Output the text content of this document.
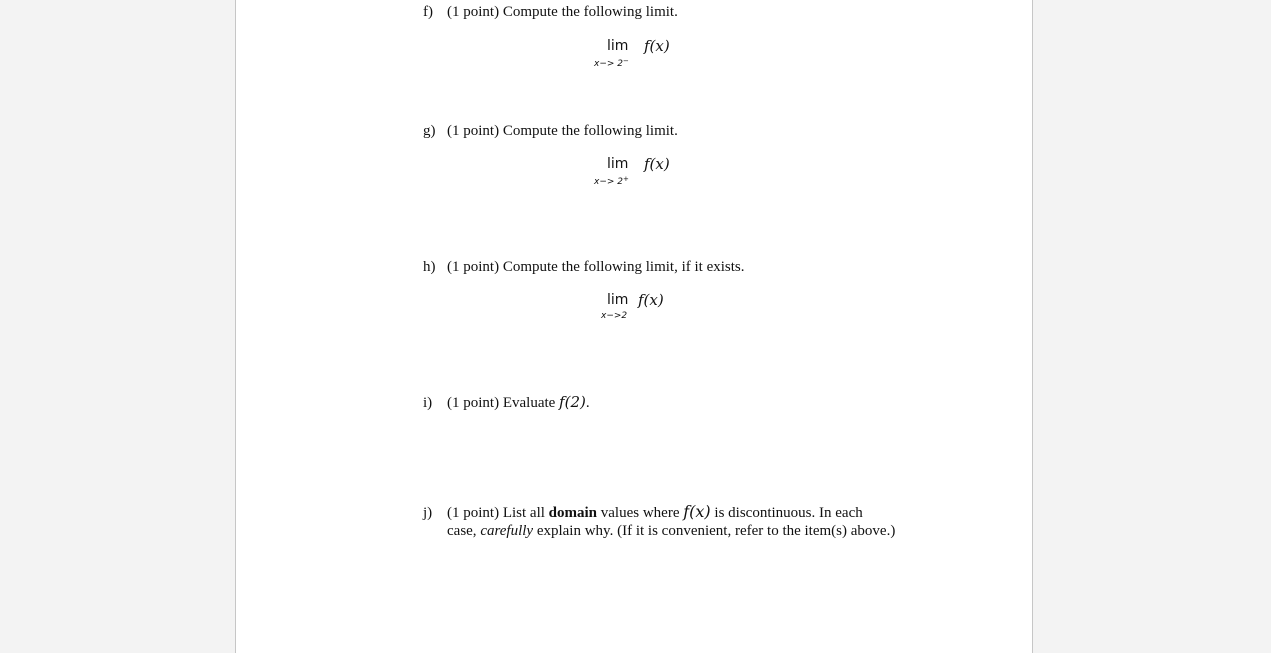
f) (1 point) Compute the following limit.
lim
x−> 2−
f(x)
g) (1 point) Compute the following limit.
lim
x−> 2+
f(x)
h) (1 point) Compute the following limit, if it exists.
lim
x−>2
f(x)
i) (1 point) Evaluate f(2).
j) (1 point) List all domain values where f(x) is discontinuous. In each
case, carefully explain why. (If it is convenient, refer to the item(s) above.)
